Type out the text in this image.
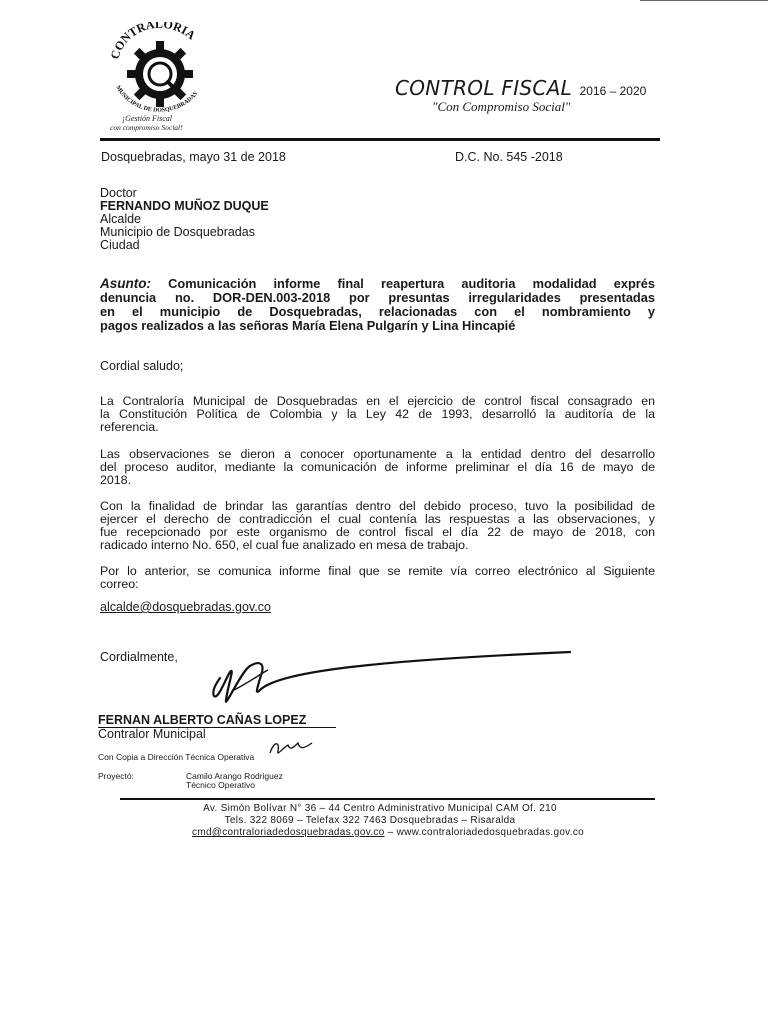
CONTRALORIA
MUNICIPAL DE DOSQUEBRADAS
¡Gestión Fiscal
con compromiso Social!
CONTROL FISCAL 2016 – 2020
"Con Compromiso Social"
Dosquebradas, mayo 31 de 2018	D.C. No. 545 -2018
Doctor
FERNANDO MUÑOZ DUQUE
Alcalde
Municipio de Dosquebradas
Ciudad
Asunto: Comunicación informe final reapertura auditoria modalidad exprés
denuncia no. DOR-DEN.003-2018 por presuntas irregularidades presentadas
en el municipio de Dosquebradas, relacionadas con el nombramiento y
pagos realizados a las señoras María Elena Pulgarín y Lina Hincapié
Cordial saludo;
La Contraloría Municipal de Dosquebradas en el ejercicio de control fiscal consagrado en
la Constitución Política de Colombia y la Ley 42 de 1993, desarrolló la auditoría de la
referencia.
Las observaciones se dieron a conocer oportunamente a la entidad dentro del desarrollo
del proceso auditor, mediante la comunicación de informe preliminar el día 16 de mayo de
2018.
Con la finalidad de brindar las garantías dentro del debido proceso, tuvo la posibilidad de
ejercer el derecho de contradicción el cual contenía las respuestas a las observaciones, y
fue recepcionado por este organismo de control fiscal el día 22 de mayo de 2018, con
radicado interno No. 650, el cual fue analizado en mesa de trabajo.
Por lo anterior, se comunica informe final que se remite vía correo electrónico al Siguiente
correo:
alcalde@dosquebradas.gov.co
Cordialmente,
FERNAN ALBERTO CAÑAS LOPEZ
Contralor Municipal
Con Copia a Dirección Técnica Operativa
Proyectó:	Camilo Arango Rodriguez
Técnico Operativo
Av. Simón Bolívar N° 36 – 44 Centro Administrativo Municipal CAM Of. 210
Tels. 322 8069 – Telefax 322 7463 Dosquebradas – Risaralda
cmd@contraloriadedosquebradas.gov.co – www.contraloriadedosquebradas.gov.co
